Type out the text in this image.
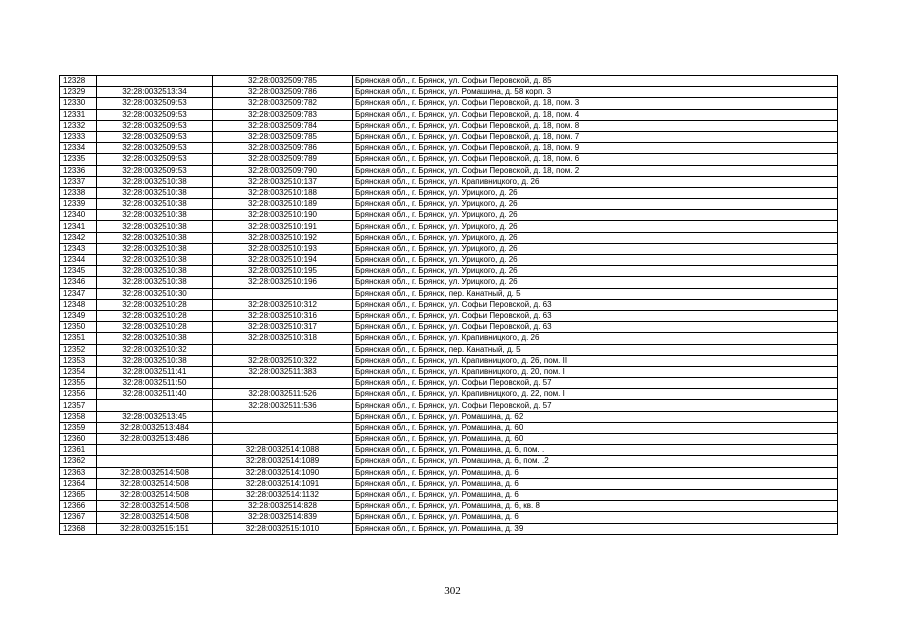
12328		32:28:0032509:785	Брянская обл., г. Брянск, ул. Софьи Перовской, д. 85
12329	32:28:0032513:34	32:28:0032509:786	Брянская обл., г. Брянск, ул. Ромашина, д. 58 корп. 3
12330	32:28:0032509:53	32:28:0032509:782	Брянская обл., г. Брянск, ул. Софьи Перовской, д. 18, пом. 3
12331	32:28:0032509:53	32:28:0032509:783	Брянская обл., г. Брянск, ул. Софьи Перовской, д. 18, пом. 4
12332	32:28:0032509:53	32:28:0032509:784	Брянская обл., г. Брянск, ул. Софьи Перовской, д. 18, пом. 8
12333	32:28:0032509:53	32:28:0032509:785	Брянская обл., г. Брянск, ул. Софьи Перовской, д. 18, пом. 7
12334	32:28:0032509:53	32:28:0032509:786	Брянская обл., г. Брянск, ул. Софьи Перовской, д. 18, пом. 9
12335	32:28:0032509:53	32:28:0032509:789	Брянская обл., г. Брянск, ул. Софьи Перовской, д. 18, пом. 6
12336	32:28:0032509:53	32:28:0032509:790	Брянская обл., г. Брянск, ул. Софьи Перовской, д. 18, пом. 2
12337	32:28:0032510:38	32:28:0032510:137	Брянская обл., г. Брянск, ул. Крапивницкого, д. 26
12338	32:28:0032510:38	32:28:0032510:188	Брянская обл., г. Брянск, ул. Урицкого, д. 26
12339	32:28:0032510:38	32:28:0032510:189	Брянская обл., г. Брянск, ул. Урицкого, д. 26
12340	32:28:0032510:38	32:28:0032510:190	Брянская обл., г. Брянск, ул. Урицкого, д. 26
12341	32:28:0032510:38	32:28:0032510:191	Брянская обл., г. Брянск, ул. Урицкого, д. 26
12342	32:28:0032510:38	32:28:0032510:192	Брянская обл., г. Брянск, ул. Урицкого, д. 26
12343	32:28:0032510:38	32:28:0032510:193	Брянская обл., г. Брянск, ул. Урицкого, д. 26
12344	32:28:0032510:38	32:28:0032510:194	Брянская обл., г. Брянск, ул. Урицкого, д. 26
12345	32:28:0032510:38	32:28:0032510:195	Брянская обл., г. Брянск, ул. Урицкого, д. 26
12346	32:28:0032510:38	32:28:0032510:196	Брянская обл., г. Брянск, ул. Урицкого, д. 26
12347	32:28:0032510:30		Брянская обл., г. Брянск, пер. Канатный, д. 5
12348	32:28:0032510:28	32:28:0032510:312	Брянская обл., г. Брянск, ул. Софьи Перовской, д. 63
12349	32:28:0032510:28	32:28:0032510:316	Брянская обл., г. Брянск, ул. Софьи Перовской, д. 63
12350	32:28:0032510:28	32:28:0032510:317	Брянская обл., г. Брянск, ул. Софьи Перовской, д. 63
12351	32:28:0032510:38	32:28:0032510:318	Брянская обл., г. Брянск, ул. Крапивницкого, д. 26
12352	32:28:0032510:32		Брянская обл., г. Брянск, пер. Канатный, д. 5
12353	32:28:0032510:38	32:28:0032510:322	Брянская обл., г. Брянск, ул. Крапивницкого, д. 26, пом. II
12354	32:28:0032511:41	32:28:0032511:383	Брянская обл., г. Брянск, ул. Крапивницкого, д. 20, пом. I
12355	32:28:0032511:50		Брянская обл., г. Брянск, ул. Софьи Перовской, д. 57
12356	32:28:0032511:40	32:28:0032511:526	Брянская обл., г. Брянск, ул. Крапивницкого, д. 22, пом. I
12357		32:28:0032511:536	Брянская обл., г. Брянск, ул. Софьи Перовской, д. 57
12358	32:28:0032513:45		Брянская обл., г. Брянск, ул. Ромашина, д. 62
12359	32:28:0032513:484		Брянская обл., г. Брянск, ул. Ромашина, д. 60
12360	32:28:0032513:486		Брянская обл., г. Брянск, ул. Ромашина, д. 60
12361		32:28:0032514:1088	Брянская обл., г. Брянск, ул. Ромашина, д. 6, пом. .
12362		32:28:0032514:1089	Брянская обл., г. Брянск, ул. Ромашина, д. 6, пом. .2
12363	32:28:0032514:508	32:28:0032514:1090	Брянская обл., г. Брянск, ул. Ромашина, д. 6
12364	32:28:0032514:508	32:28:0032514:1091	Брянская обл., г. Брянск, ул. Ромашина, д. 6
12365	32:28:0032514:508	32:28:0032514:1132	Брянская обл., г. Брянск, ул. Ромашина, д. 6
12366	32:28:0032514:508	32:28:0032514:828	Брянская обл., г. Брянск, ул. Ромашина, д. 6, кв. 8
12367	32:28:0032514:508	32:28:0032514:839	Брянская обл., г. Брянск, ул. Ромашина, д. 6
12368	32:28:0032515:151	32:28:0032515:1010	Брянская обл., г. Брянск, ул. Ромашина, д. 39
302
